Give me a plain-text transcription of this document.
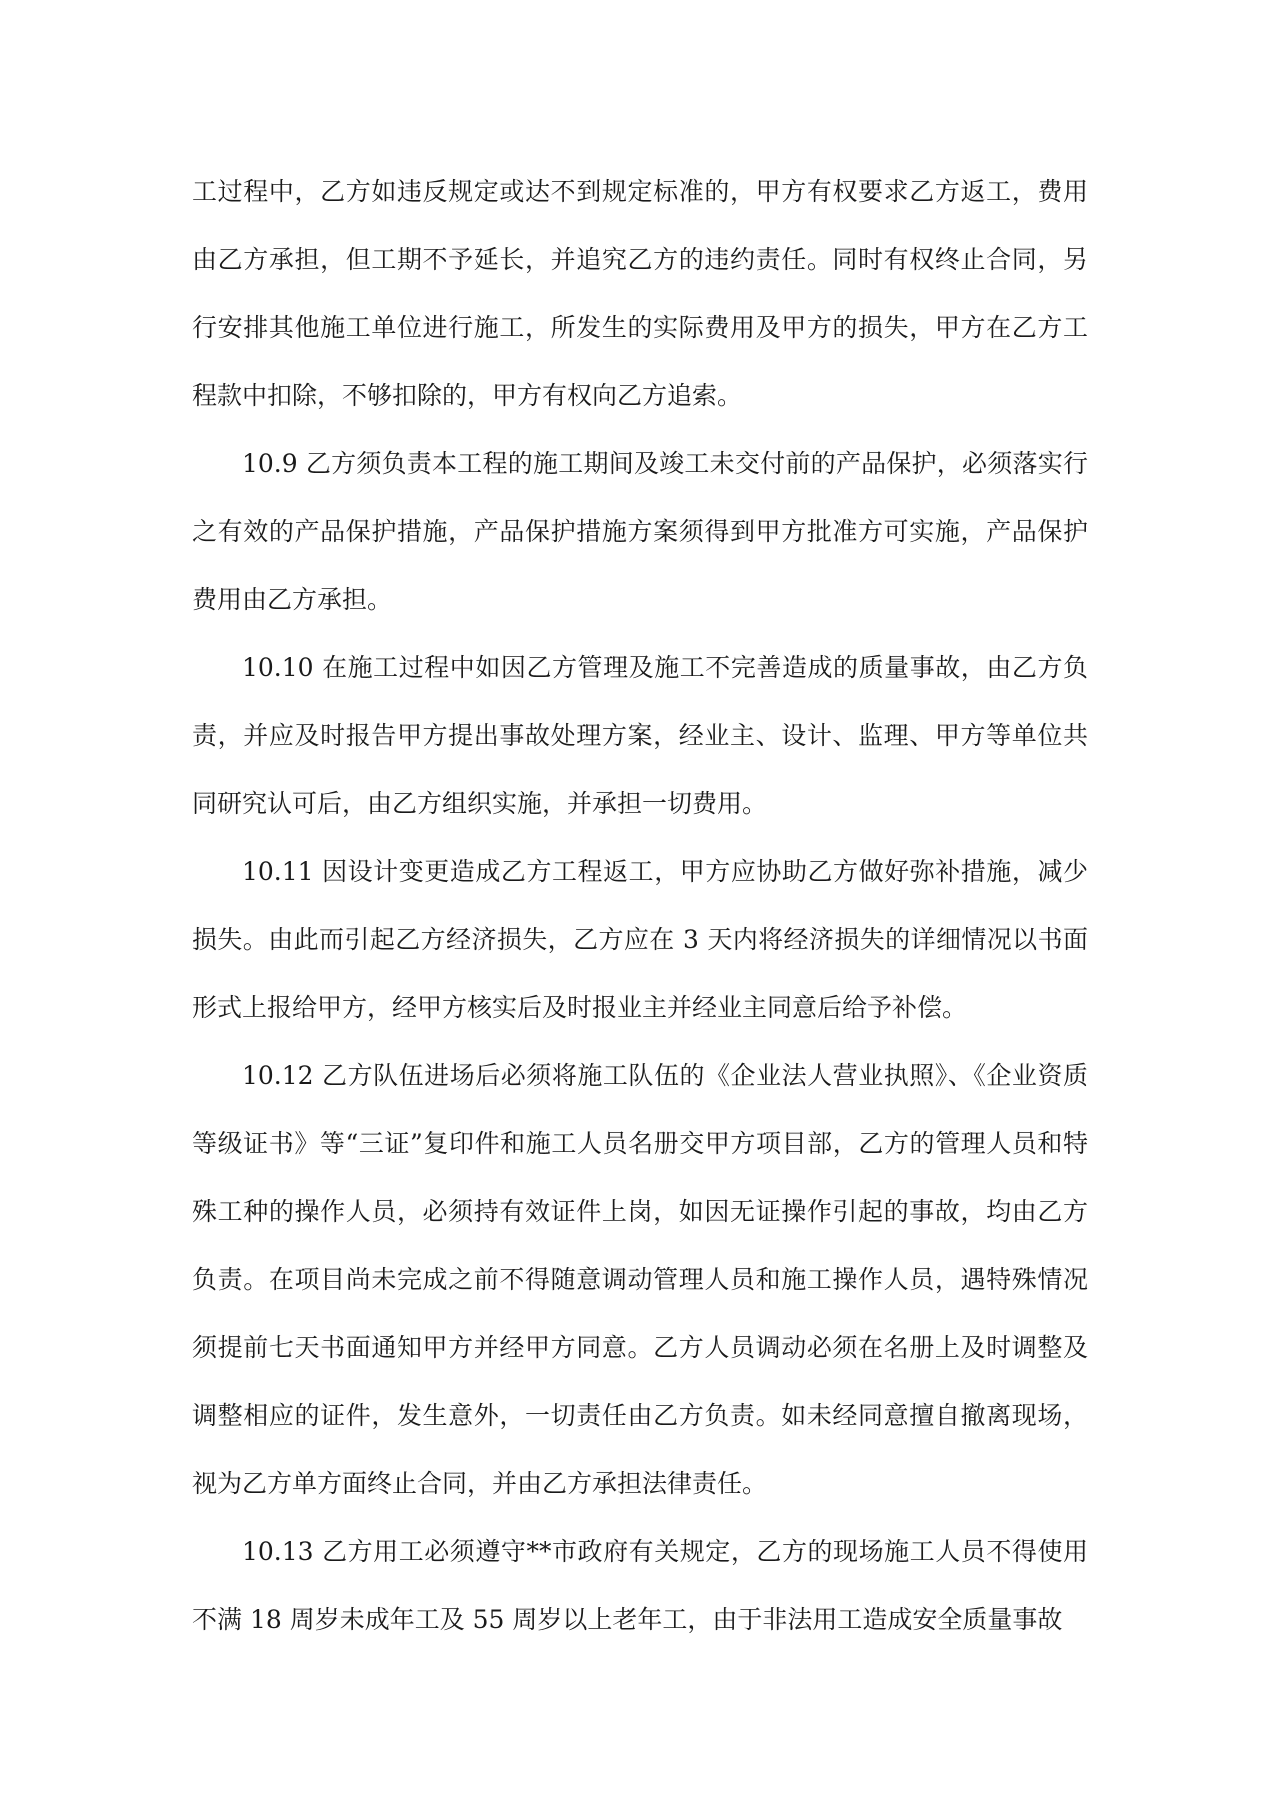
工过程中，乙方如违反规定或达不到规定标准的，甲方有权要求乙方返工，费用由乙方承担，但工期不予延长，并追究乙方的违约责任。同时有权终止合同，另行安排其他施工单位进行施工，所发生的实际费用及甲方的损失，甲方在乙方工程款中扣除，不够扣除的，甲方有权向乙方追索。

10.9 乙方须负责本工程的施工期间及竣工未交付前的产品保护，必须落实行之有效的产品保护措施，产品保护措施方案须得到甲方批准方可实施，产品保护费用由乙方承担。

10.10 在施工过程中如因乙方管理及施工不完善造成的质量事故，由乙方负责，并应及时报告甲方提出事故处理方案，经业主、设计、监理、甲方等单位共同研究认可后，由乙方组织实施，并承担一切费用。

10.11 因设计变更造成乙方工程返工，甲方应协助乙方做好弥补措施，减少损失。由此而引起乙方经济损失，乙方应在 3 天内将经济损失的详细情况以书面形式上报给甲方，经甲方核实后及时报业主并经业主同意后给予补偿。

10.12 乙方队伍进场后必须将施工队伍的《企业法人营业执照》、《企业资质等级证书》等“三证”复印件和施工人员名册交甲方项目部，乙方的管理人员和特殊工种的操作人员，必须持有效证件上岗，如因无证操作引起的事故，均由乙方负责。在项目尚未完成之前不得随意调动管理人员和施工操作人员，遇特殊情况须提前七天书面通知甲方并经甲方同意。乙方人员调动必须在名册上及时调整及调整相应的证件，发生意外，一切责任由乙方负责。如未经同意擅自撤离现场，视为乙方单方面终止合同，并由乙方承担法律责任。

10.13 乙方用工必须遵守**市政府有关规定，乙方的现场施工人员不得使用不满 18 周岁未成年工及 55 周岁以上老年工，由于非法用工造成安全质量事故
